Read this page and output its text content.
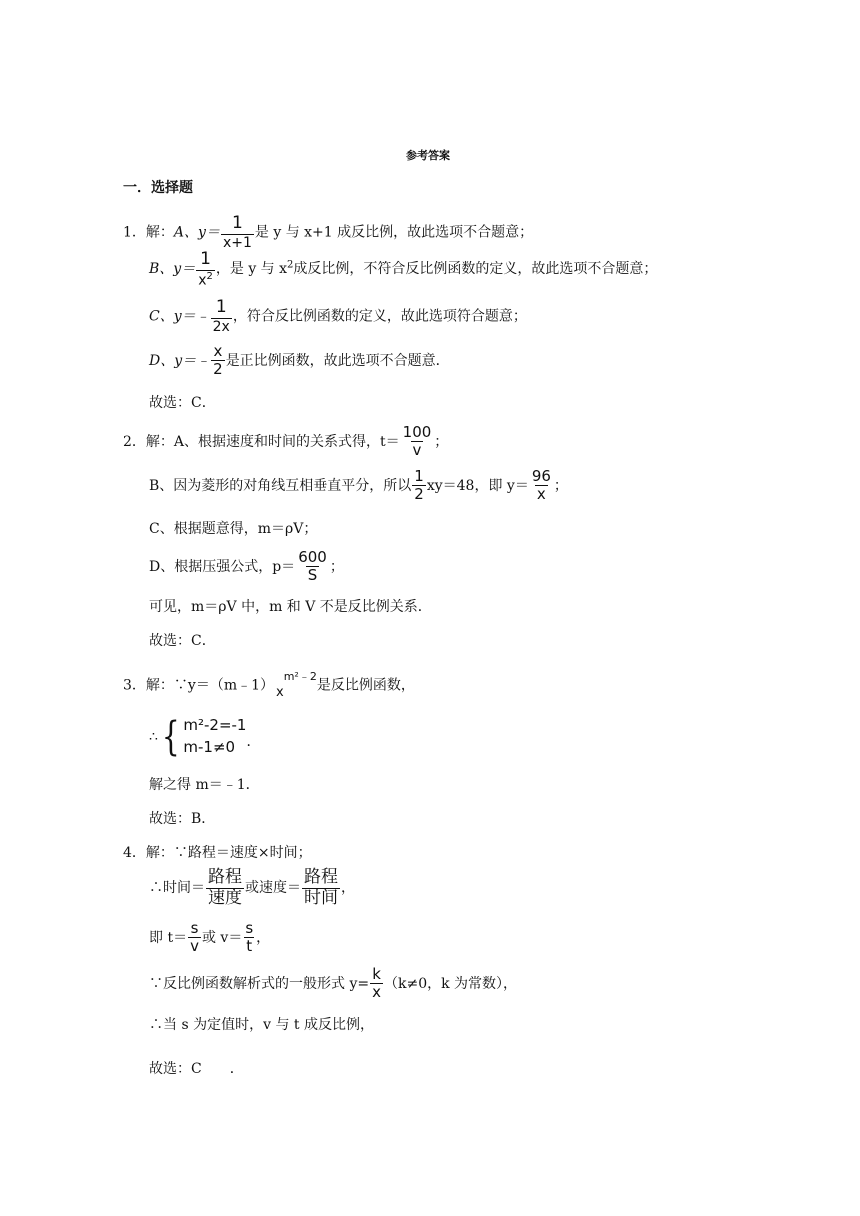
参考答案
一．选择题
1．解：A、$y= \frac{1}{x+1}$ 是 y 与 x+1 成反比例，故此选项不合题意；
B、$y= \frac{1}{x^2}$ ，是 y 与 $x^2$成反比例，不符合反比例函数的定义，故此选项不合题意；
C、y＝﹣ $\frac{1}{2x}$ ，符合反比例函数的定义，故此选项符合题意；
D、y＝﹣ $\frac{x}{2}$ 是正比例函数，故此选项不合题意．
故选：C．
2．解：A、根据速度和时间的关系式得，$t= \frac{100}{v}$ ；
B、因为菱形的对角线互相垂直平分，所以 $\frac{1}{2} xy=48$，即 $y= \frac{96}{x}$ ；
C、根据题意得，m＝ρV；
D、根据压强公式，$p= \frac{600}{S}$ ；
可见，m＝ρV 中，m 和 V 不是反比例关系．
故选：C．
3．解：∵y＝（m﹣1） $x^{m^2﹣2}$是反比例函数，
∴ { m²-2=-1
m-1≠0 ．
解之得 m＝﹣1．
故选：B．
4．解：∵路程＝速度×时间；
∴时间＝ $\frac{\text{路程}}{\text{速度}}$ 或速度＝ $\frac{\text{路程}}{\text{时间}}$ ，
即 $t= \frac{s}{v}$ 或 $v= \frac{s}{t}$ ，
∵反比例函数解析式的一般形式 $y= \frac{k}{x} (k\ne 0$，k 为常数），
∴当 s 为定值时，v 与 t 成反比例，
故选：C　　．
